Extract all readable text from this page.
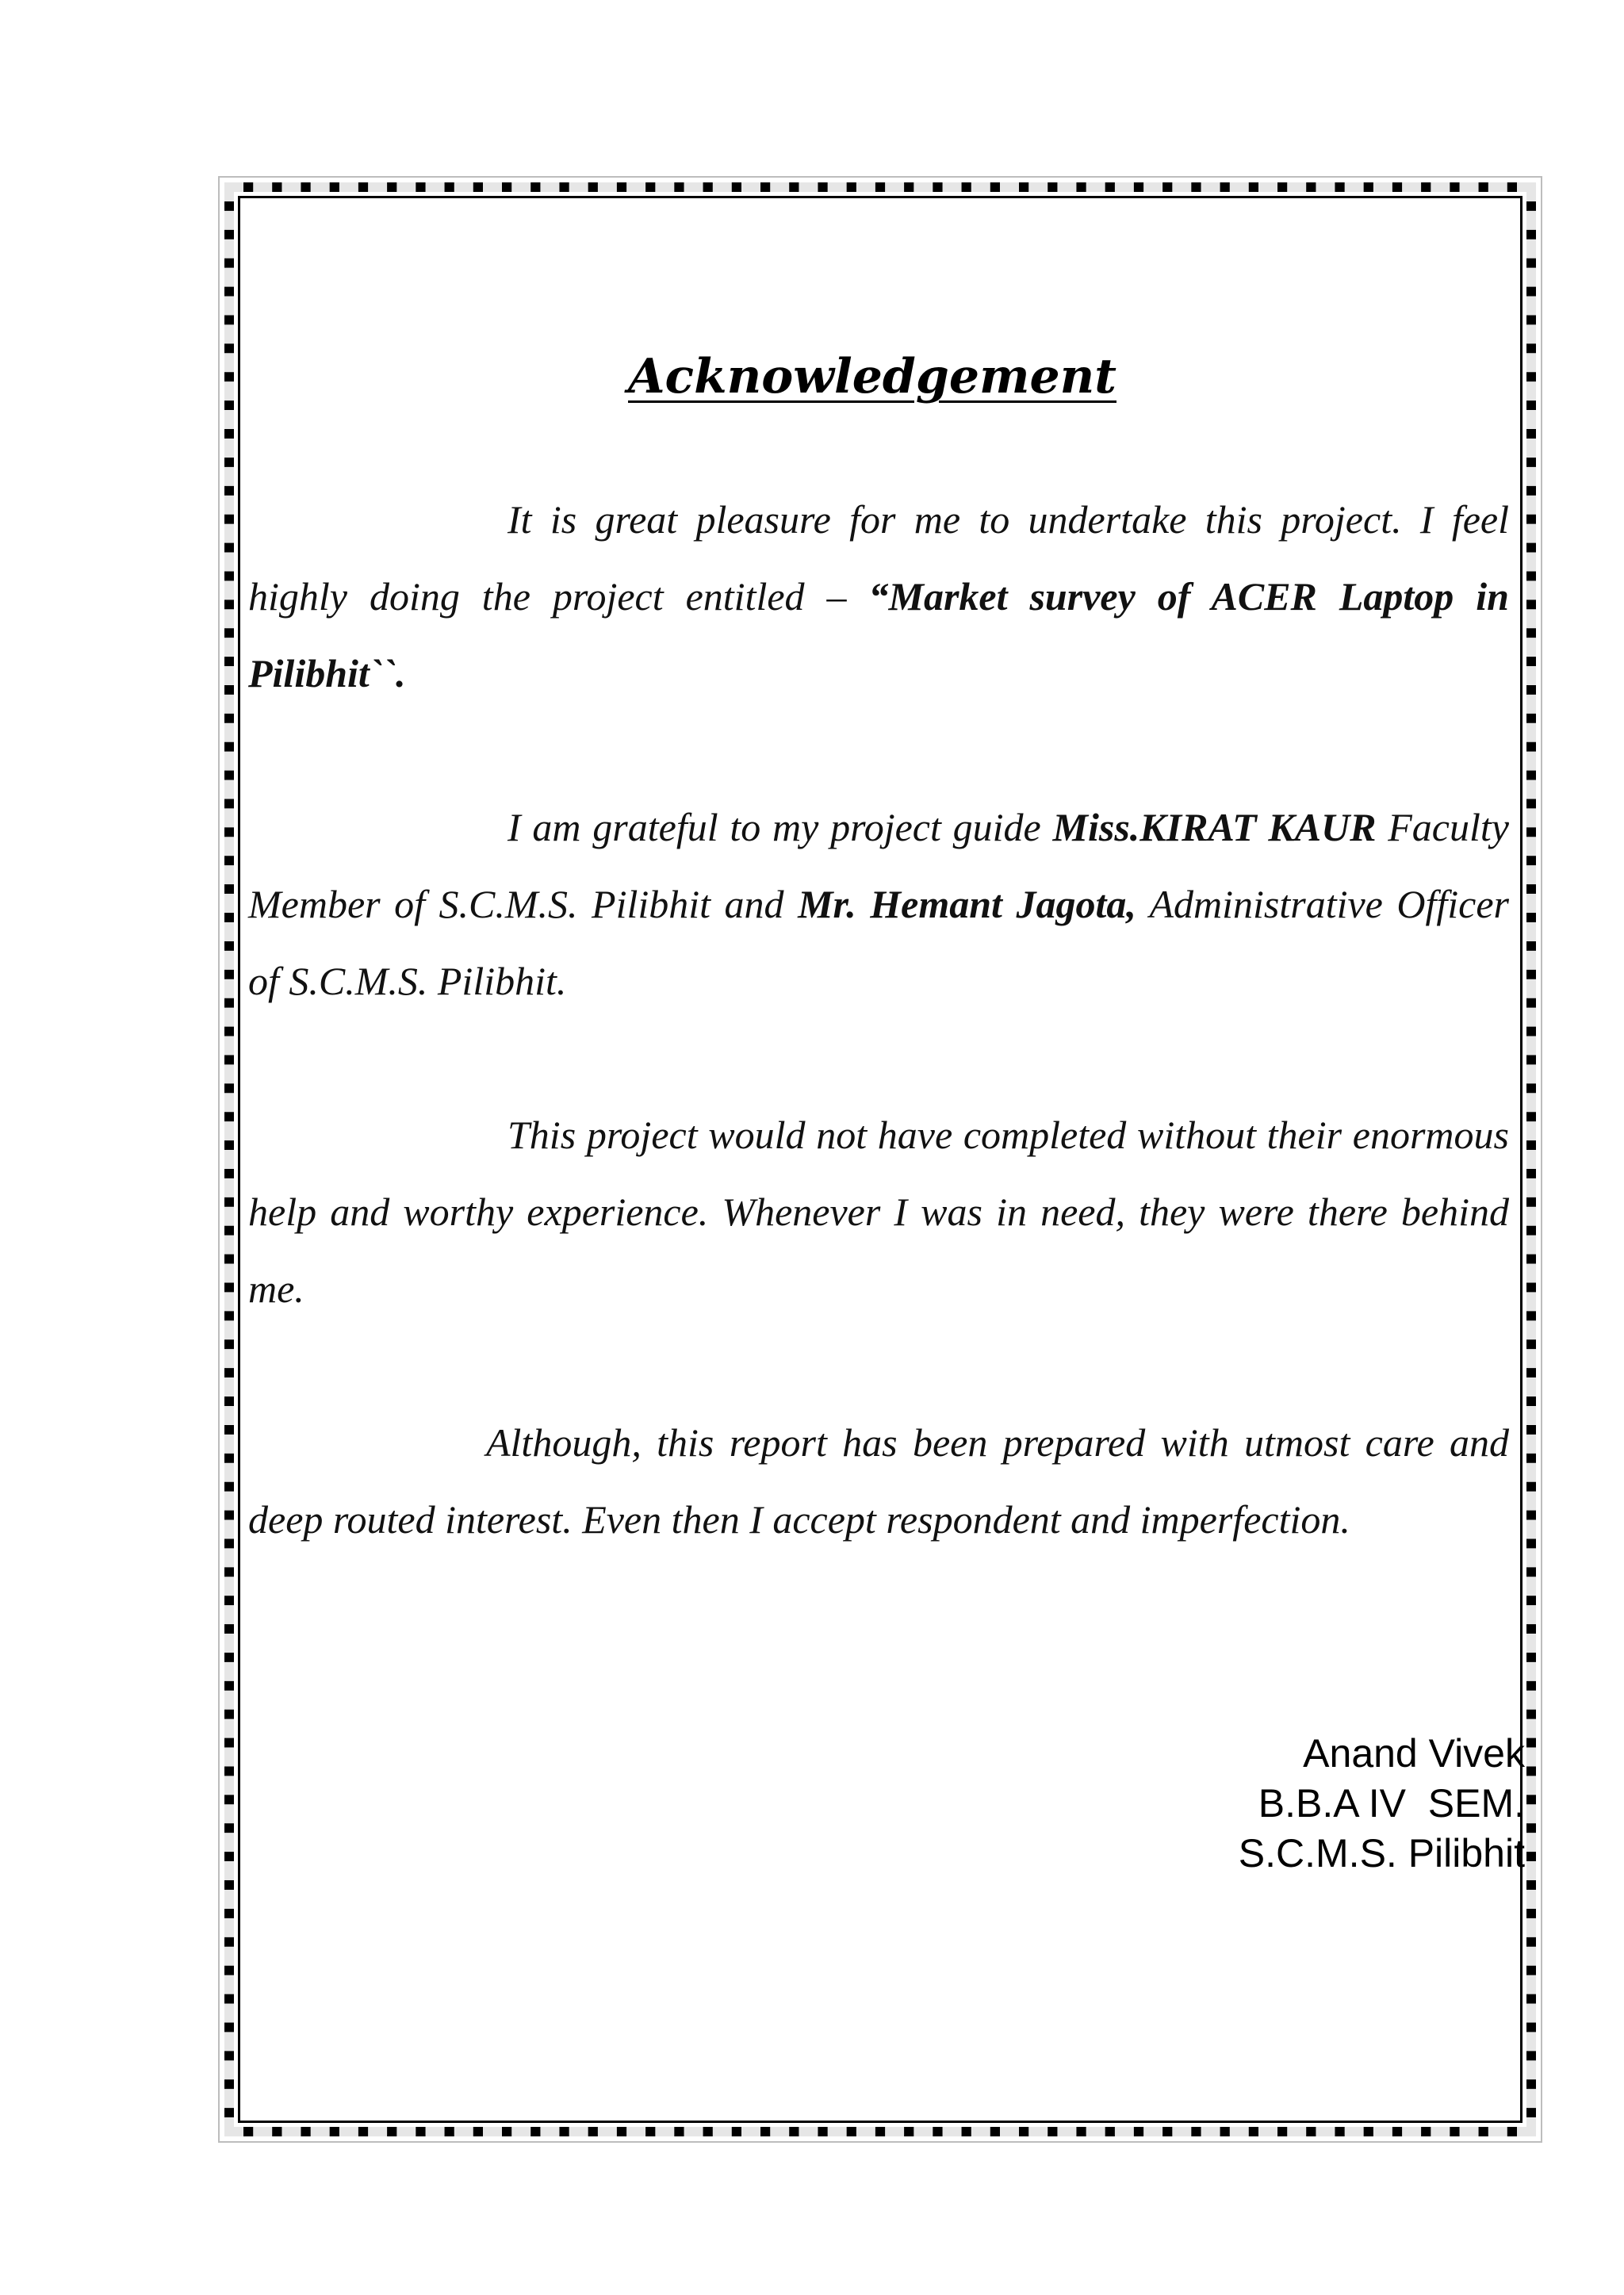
Acknowledgement

It is great pleasure for me to undertake this project. I feel highly doing the project entitled – “Market survey of ACER Laptop in Pilibhit``.

I am grateful to my project guide Miss.KIRAT KAUR Faculty Member of S.C.M.S. Pilibhit and Mr. Hemant Jagota, Administrative Officer of S.C.M.S. Pilibhit.

This project would not have completed without their enormous help and worthy experience. Whenever I was in need, they were there behind me.

Although, this report has been prepared with utmost care and deep routed interest. Even then I accept respondent and imperfection.

Anand Vivek
B.B.A IV  SEM.
S.C.M.S. Pilibhit
